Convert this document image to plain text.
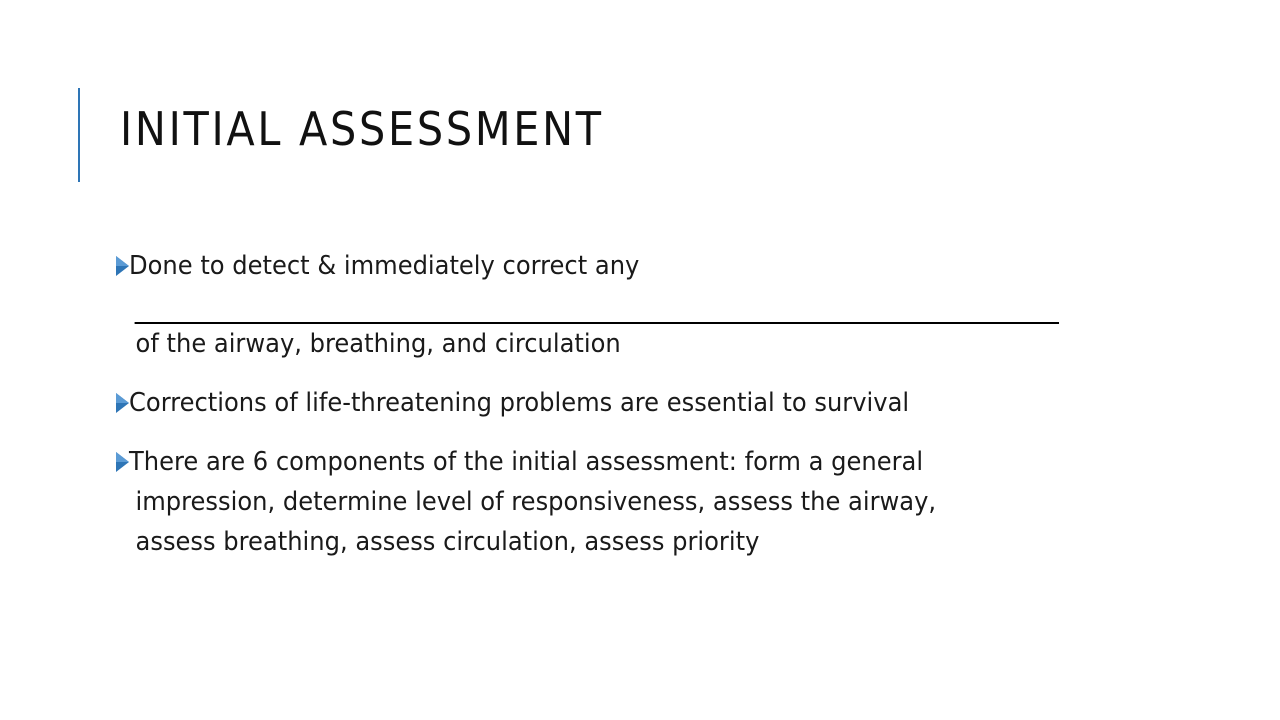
INITIAL ASSESSMENT
Done to detect & immediately correct any
of the airway, breathing, and circulation
Corrections of life-threatening problems are essential to survival
There are 6 components of the initial assessment: form a general
impression, determine level of responsiveness, assess the airway,
assess breathing, assess circulation, assess priority
